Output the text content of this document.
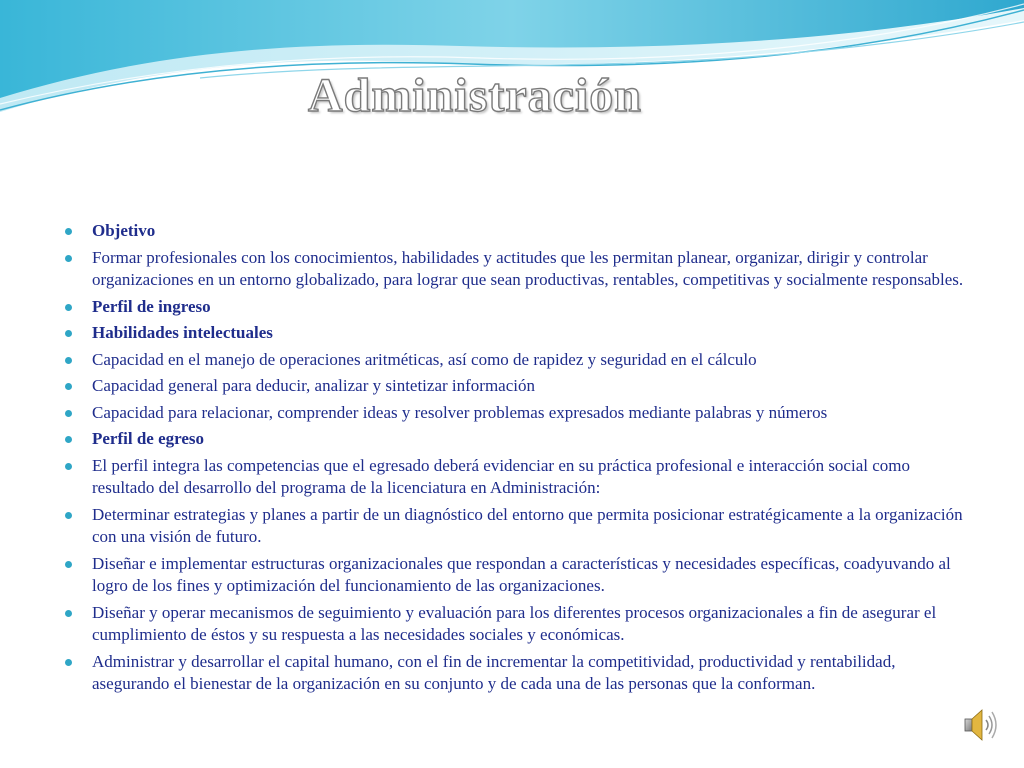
Administración
Objetivo
Formar profesionales con los conocimientos, habilidades y actitudes que les permitan planear, organizar, dirigir y controlar organizaciones en un entorno globalizado, para lograr que sean productivas, rentables, competitivas y socialmente responsables.
Perfil de ingreso
Habilidades intelectuales
Capacidad en el manejo de operaciones aritméticas, así como de rapidez y seguridad en el cálculo
Capacidad general para deducir, analizar y sintetizar información
Capacidad para relacionar, comprender ideas y resolver problemas expresados mediante palabras y números
Perfil de egreso
El perfil integra las competencias que el egresado deberá evidenciar en su práctica profesional e interacción social como resultado del desarrollo del programa de la licenciatura en Administración:
Determinar estrategias y planes a partir de un diagnóstico del entorno que permita posicionar estratégicamente a la organización con una visión de futuro.
Diseñar e implementar estructuras organizacionales que respondan a características y necesidades específicas, coadyuvando al logro de los fines y optimización del funcionamiento de las organizaciones.
Diseñar y operar mecanismos de seguimiento y evaluación para los diferentes procesos organizacionales a fin de asegurar el cumplimiento de éstos y su respuesta a las necesidades sociales y económicas.
Administrar y desarrollar el capital humano, con el fin de incrementar la competitividad, productividad y rentabilidad, asegurando el bienestar de la organización en su conjunto y de cada una de las personas que la conforman.
